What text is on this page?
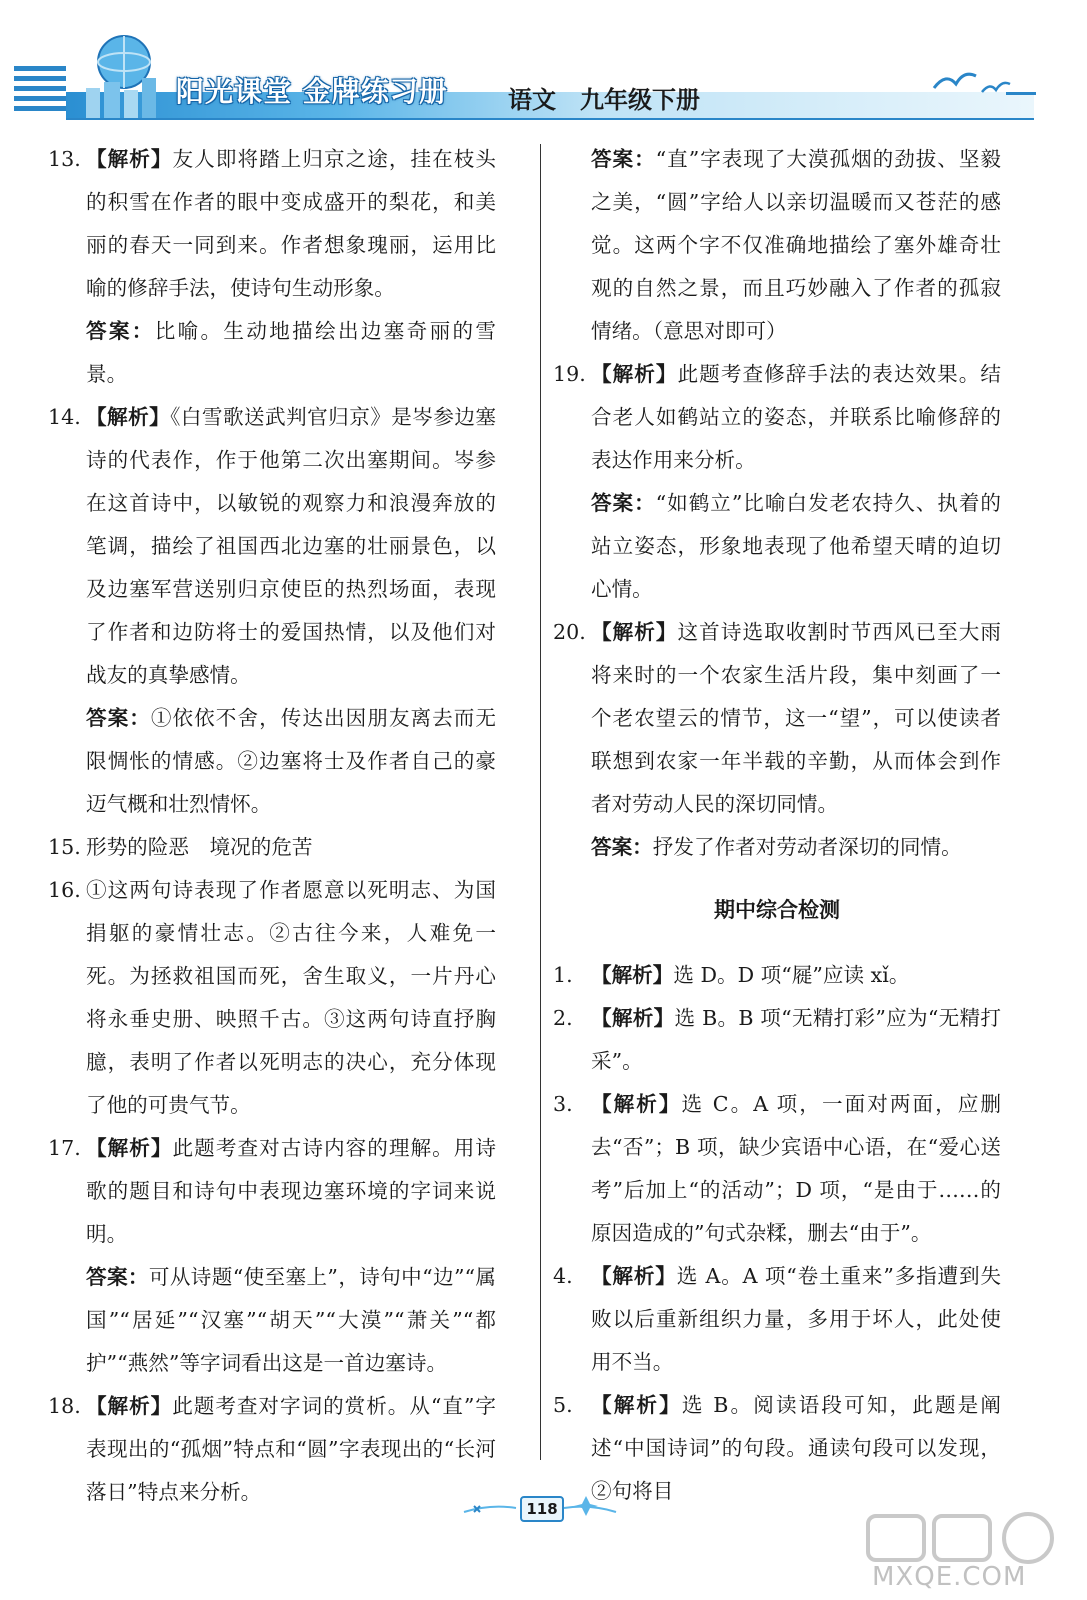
阳光课堂 金牌练习册	语文　九年级下册
13. 【解析】友人即将踏上归京之途，挂在枝头的积雪在作者的眼中变成盛开的梨花，和美丽的春天一同到来。作者想象瑰丽，运用比喻的修辞手法，使诗句生动形象。
答案：比喻。生动地描绘出边塞奇丽的雪景。
14. 【解析】《白雪歌送武判官归京》是岑参边塞诗的代表作，作于他第二次出塞期间。岑参在这首诗中，以敏锐的观察力和浪漫奔放的笔调，描绘了祖国西北边塞的壮丽景色，以及边塞军营送别归京使臣的热烈场面，表现了作者和边防将士的爱国热情，以及他们对战友的真挚感情。
答案：①依依不舍，传达出因朋友离去而无限惆怅的情感。②边塞将士及作者自己的豪迈气概和壮烈情怀。
15. 形势的险恶　境况的危苦
16. ①这两句诗表现了作者愿意以死明志、为国捐躯的豪情壮志。②古往今来，人难免一死。为拯救祖国而死，舍生取义，一片丹心将永垂史册、映照千古。③这两句诗直抒胸臆，表明了作者以死明志的决心，充分体现了他的可贵气节。
17. 【解析】此题考查对古诗内容的理解。用诗歌的题目和诗句中表现边塞环境的字词来说明。
答案：可从诗题“使至塞上”，诗句中“边”“属国”“居延”“汉塞”“胡天”“大漠”“萧关”“都护”“燕然”等字词看出这是一首边塞诗。
18. 【解析】此题考查对字词的赏析。从“直”字表现出的“孤烟”特点和“圆”字表现出的“长河落日”特点来分析。
答案：“直”字表现了大漠孤烟的劲拔、坚毅之美，“圆”字给人以亲切温暖而又苍茫的感觉。这两个字不仅准确地描绘了塞外雄奇壮观的自然之景，而且巧妙融入了作者的孤寂情绪。（意思对即可）
19. 【解析】此题考查修辞手法的表达效果。结合老人如鹤站立的姿态，并联系比喻修辞的表达作用来分析。
答案：“如鹤立”比喻白发老农持久、执着的站立姿态，形象地表现了他希望天晴的迫切心情。
20. 【解析】这首诗选取收割时节西风已至大雨将来时的一个农家生活片段，集中刻画了一个老农望云的情节，这一“望”，可以使读者联想到农家一年半载的辛勤，从而体会到作者对劳动人民的深切同情。
答案：抒发了作者对劳动者深切的同情。
期中综合检测
1. 【解析】选 D。D 项“屣”应读 xǐ。
2. 【解析】选 B。B 项“无精打彩”应为“无精打采”。
3. 【解析】选 C。A 项，一面对两面，应删去“否”；B 项，缺少宾语中心语，在“爱心送考”后加上“的活动”；D 项，“是由于……的原因造成的”句式杂糅，删去“由于”。
4. 【解析】选 A。A 项“卷土重来”多指遭到失败以后重新组织力量，多用于坏人，此处使用不当。
5. 【解析】选 B。阅读语段可知，此题是阐述“中国诗词”的句段。通读句段可以发现，②句将目
118
MXQE.COM
